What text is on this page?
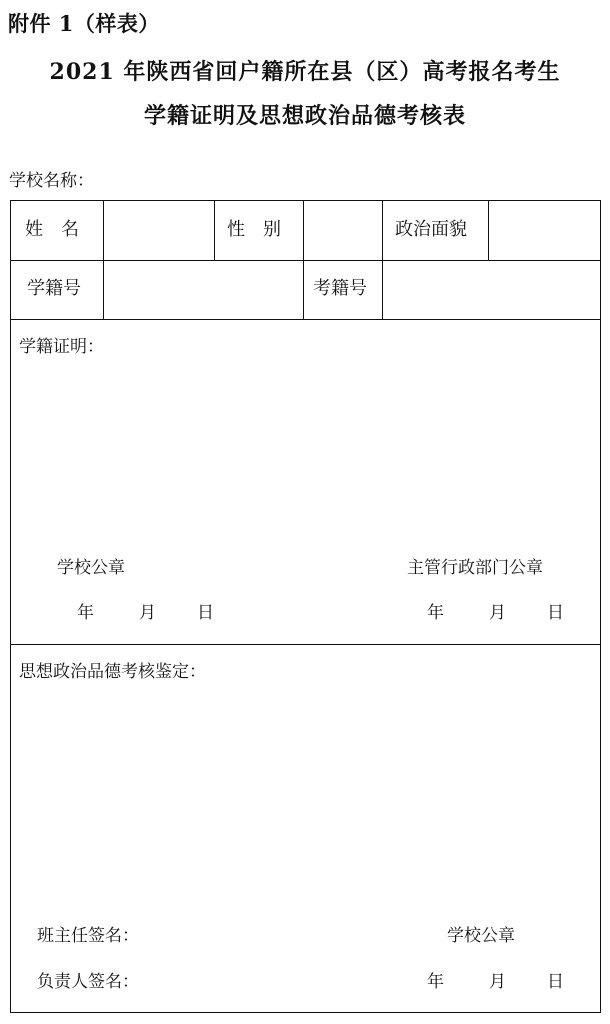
附件 1（样表）
2021 年陕西省回户籍所在县（区）高考报名考生
学籍证明及思想政治品德考核表
学校名称：
姓　名	性　别	政治面貌
学籍号	考籍号
学籍证明：
学校公章	主管行政部门公章
年	月	日	年	月	日
思想政治品德考核鉴定：
班主任签名：	学校公章
负责人签名：	年	月	日
